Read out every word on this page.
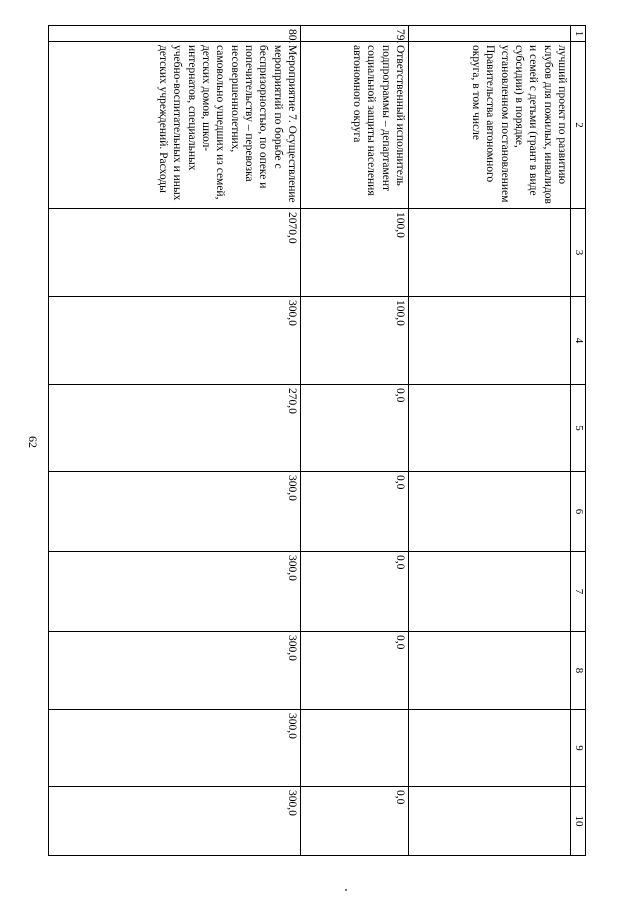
62
1	2	3	4	5	6	7	8	9	10
	лучший проект по развитию клубов для пожилых, инвалидов и семей с детьми (грант в виде субсидии) в порядке, установленном постановлением Правительства автономного округа, в том числе								
79.	Ответственный исполнитель подпрограммы – департамент социальной защиты населения автономного округа	100,0	100,0	0,0	0,0	0,0	0,0		0,0
80.	Мероприятие 7. Осуществление мероприятий по борьбе с беспризорностью, по опеке и попечительству – перевозка несовершеннолетних, самовольно ушедших из семей, детских домов, школ-интернатов, специальных учебно-воспитательных и иных детских учреждений. Расходы	2070,0	300,0	270,0	300,0	300,0	300,0	300,0	300,0
